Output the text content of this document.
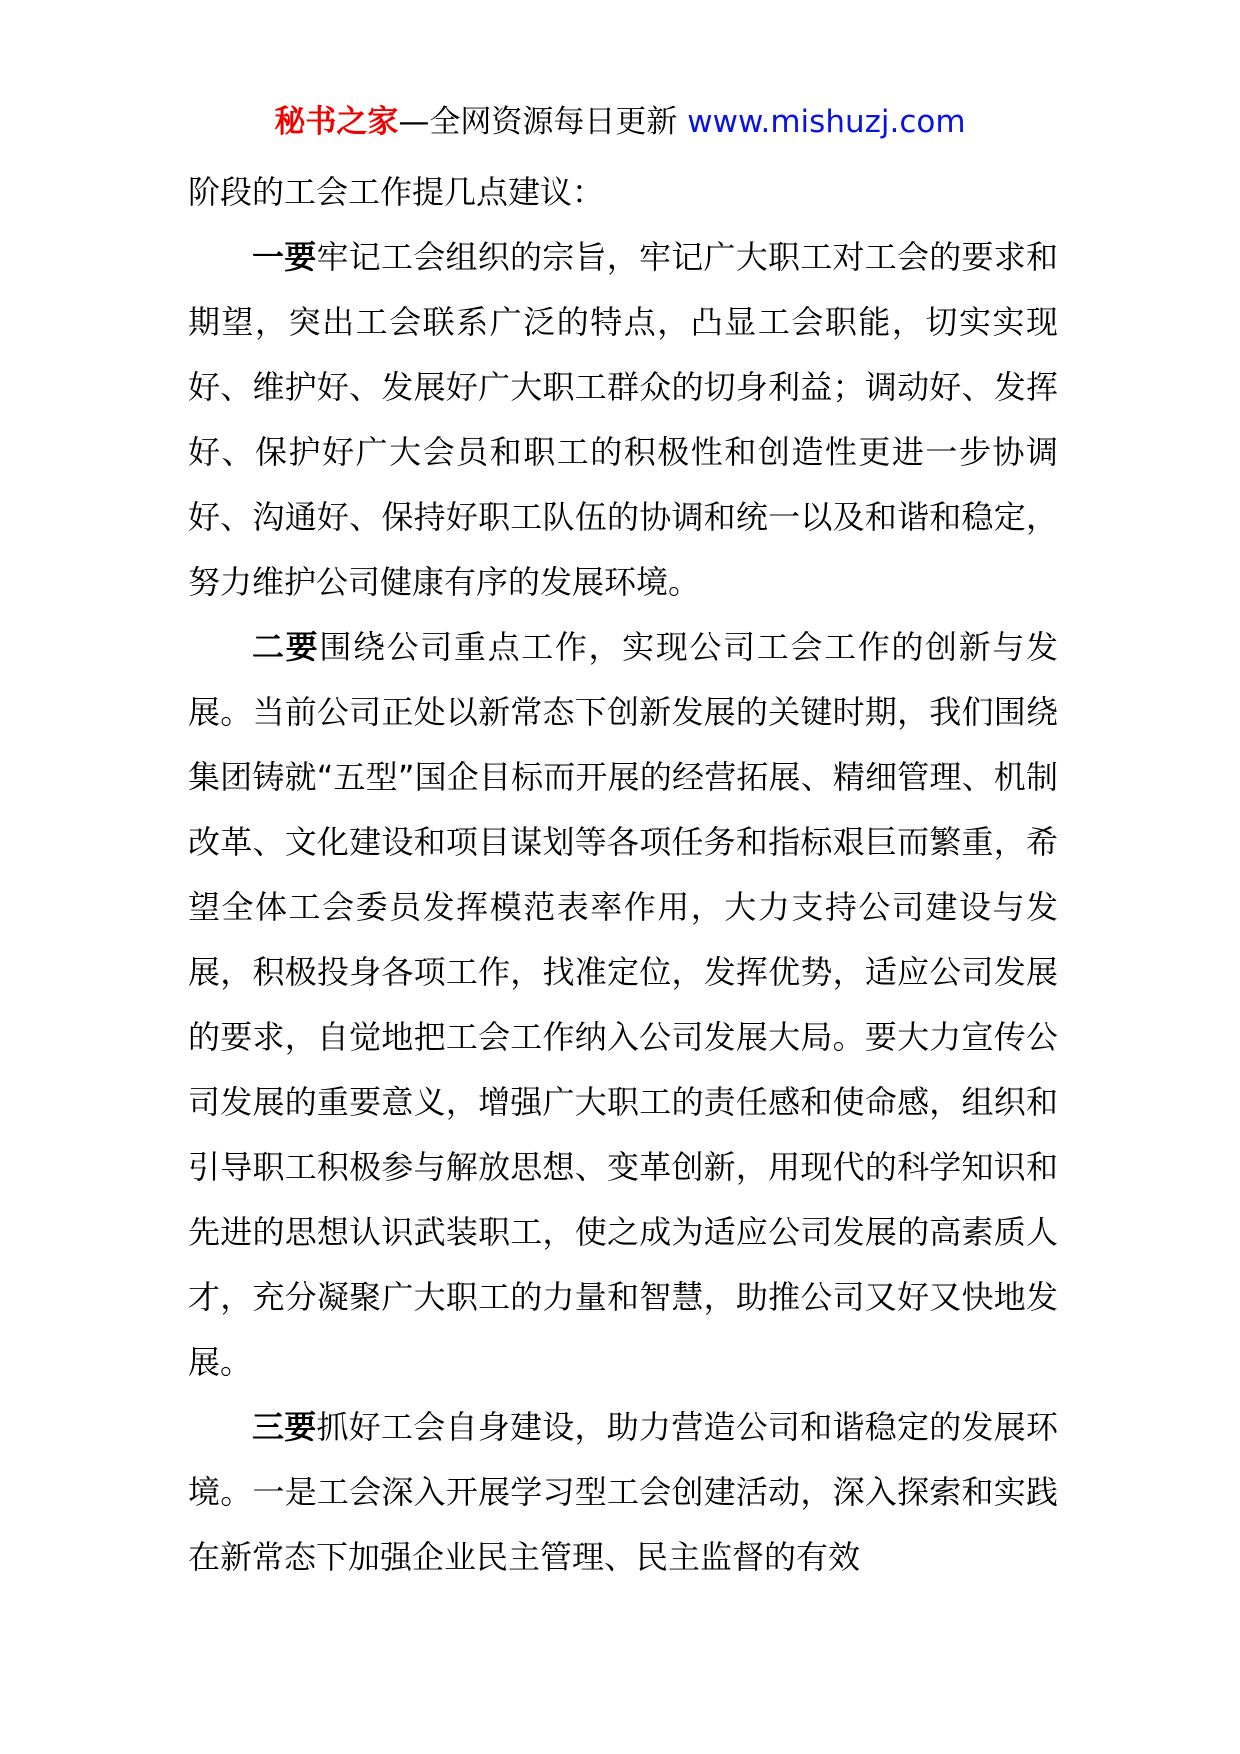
秘书之家—全网资源每日更新 www.mishuzj.com

阶段的工会工作提几点建议：

一要牢记工会组织的宗旨，牢记广大职工对工会的要求和期望，突出工会联系广泛的特点，凸显工会职能，切实实现好、维护好、发展好广大职工群众的切身利益；调动好、发挥好、保护好广大会员和职工的积极性和创造性更进一步协调好、沟通好、保持好职工队伍的协调和统一以及和谐和稳定，努力维护公司健康有序的发展环境。

二要围绕公司重点工作，实现公司工会工作的创新与发展。当前公司正处以新常态下创新发展的关键时期，我们围绕集团铸就“五型”国企目标而开展的经营拓展、精细管理、机制改革、文化建设和项目谋划等各项任务和指标艰巨而繁重，希望全体工会委员发挥模范表率作用，大力支持公司建设与发展，积极投身各项工作，找准定位，发挥优势，适应公司发展的要求，自觉地把工会工作纳入公司发展大局。要大力宣传公司发展的重要意义，增强广大职工的责任感和使命感，组织和引导职工积极参与解放思想、变革创新，用现代的科学知识和先进的思想认识武装职工，使之成为适应公司发展的高素质人才，充分凝聚广大职工的力量和智慧，助推公司又好又快地发展。

三要抓好工会自身建设，助力营造公司和谐稳定的发展环境。一是工会深入开展学习型工会创建活动，深入探索和实践在新常态下加强企业民主管理、民主监督的有效
